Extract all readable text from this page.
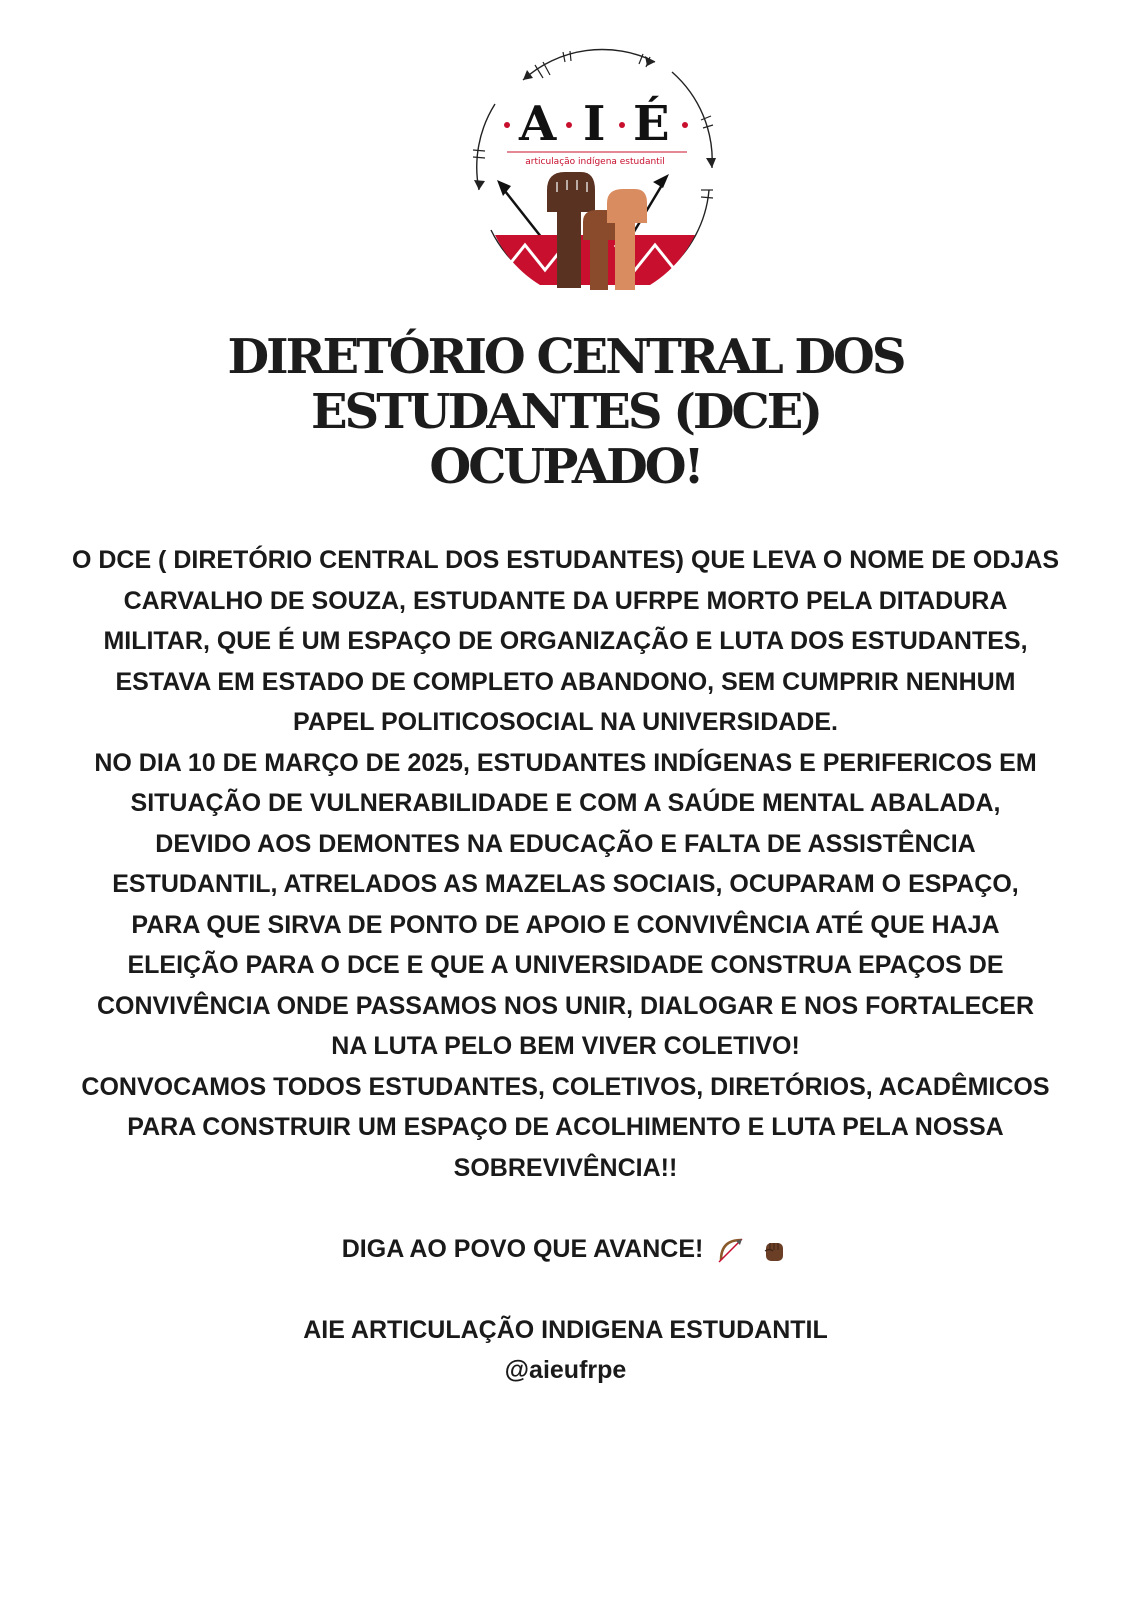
A I É
articulação indígena estudantil
DIRETÓRIO CENTRAL DOS
ESTUDANTES (DCE)
OCUPADO!

O DCE ( DIRETÓRIO CENTRAL DOS ESTUDANTES) QUE LEVA O NOME DE ODJAS

CARVALHO DE SOUZA, ESTUDANTE DA UFRPE MORTO PELA DITADURA

MILITAR, QUE É UM ESPAÇO DE ORGANIZAÇÃO E LUTA DOS ESTUDANTES,

ESTAVA EM ESTADO DE COMPLETO ABANDONO, SEM CUMPRIR NENHUM

PAPEL POLITICOSOCIAL NA UNIVERSIDADE.

NO DIA 10 DE MARÇO DE 2025, ESTUDANTES INDÍGENAS E PERIFERICOS EM

SITUAÇÃO DE VULNERABILIDADE E COM A SAÚDE MENTAL ABALADA,

DEVIDO AOS DEMONTES NA EDUCAÇÃO E FALTA DE ASSISTÊNCIA

ESTUDANTIL, ATRELADOS AS MAZELAS SOCIAIS, OCUPARAM O ESPAÇO,

PARA QUE SIRVA DE PONTO DE APOIO E CONVIVÊNCIA ATÉ QUE HAJA

ELEIÇÃO PARA O DCE E QUE A UNIVERSIDADE CONSTRUA EPAÇOS DE

CONVIVÊNCIA ONDE PASSAMOS NOS UNIR, DIALOGAR E NOS FORTALECER

NA LUTA PELO BEM VIVER COLETIVO!

CONVOCAMOS TODOS ESTUDANTES, COLETIVOS, DIRETÓRIOS, ACADÊMICOS

PARA CONSTRUIR UM ESPAÇO DE ACOLHIMENTO E LUTA PELA NOSSA

SOBREVIVÊNCIA!!

DIGA AO POVO QUE AVANCE!

AIE ARTICULAÇÃO INDIGENA ESTUDANTIL

@aieufrpe
